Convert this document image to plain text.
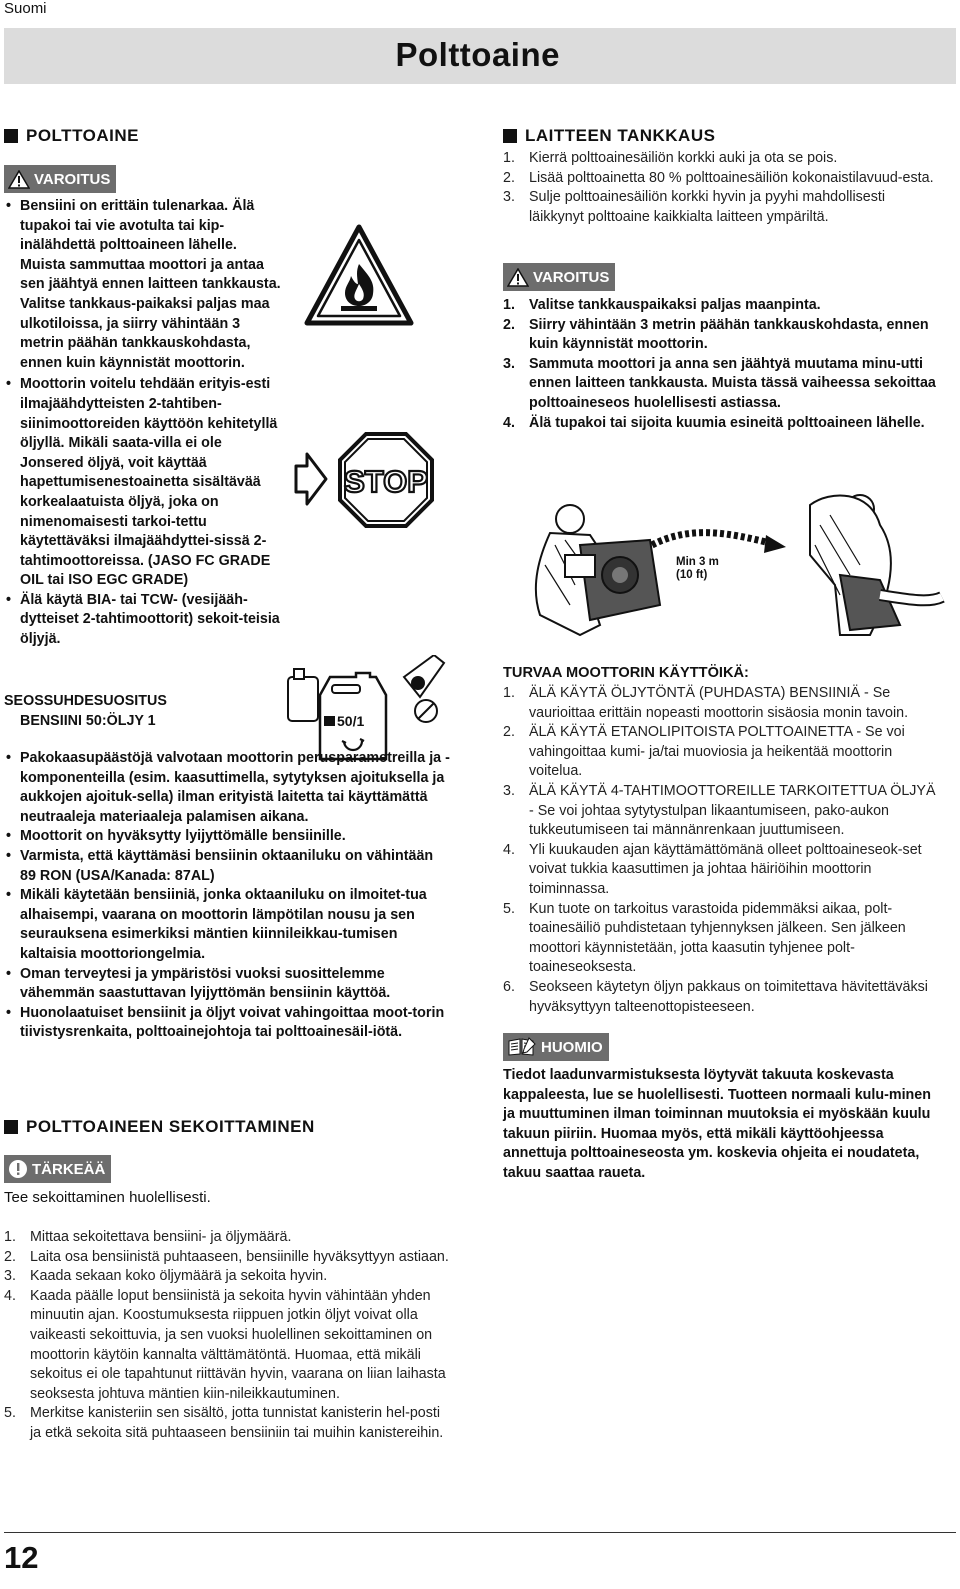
Suomi
Polttoaine
POLTTOAINE
VAROITUS
• Bensiini on erittäin tulenarkaa. Älä tupakoi tai vie avotulta tai kip-inälähdettä polttoaineen lähelle. Muista sammuttaa moottori ja antaa sen jäähtyä ennen laitteen tankkausta. Valitse tankkaus-paikaksi paljas maa ulkotiloissa, ja siirry vähintään 3 metrin päähän tankkauskohdasta, ennen kuin käynnistät moottorin.
• Moottorin voitelu tehdään erityis-esti ilmajäähdytteisten 2-tahtiben-siinimoottoreiden käyttöön kehitetyllä öljyllä. Mikäli saata-villa ei ole Jonsered öljyä, voit käyttää hapettumisenestoainetta sisältävää korkealaatuista öljyä, joka on nimenomaisesti tarkoi-tettu käytettäväksi ilmajäähdyttei-sissä 2-tahtimoottoreissa. (JASO FC GRADE OIL tai ISO EGC GRADE)
• Älä käytä BIA- tai TCW- (vesijääh-dytteiset 2-tahtimoottorit) sekoit-teisia öljyjä.
STOP
SEOSSUHDESUOSITUS
BENSIINI 50:ÖLJY 1	50/1
• Pakokaasupäästöjä valvotaan moottorin perusparametreilla ja -komponenteilla (esim. kaasuttimella, sytytyksen ajoituksella ja aukkojen ajoituk-sella) ilman erityistä laitetta tai käyttämättä neutraaleja materiaaleja palamisen aikana.
• Moottorit on hyväksytty lyijyttömälle bensiinille.
• Varmista, että käyttämäsi bensiinin oktaaniluku on vähintään 89 RON (USA/Kanada: 87AL)
• Mikäli käytetään bensiiniä, jonka oktaaniluku on ilmoitet-tua alhaisempi, vaarana on moottorin lämpötilan nousu ja sen seurauksena esimerkiksi mäntien kiinnileikkau-tumisen kaltaisia moottoriongelmia.
• Oman terveytesi ja ympäristösi vuoksi suosittelemme vähemmän saastuttavan lyijyttömän bensiinin käyttöä.
• Huonolaatuiset bensiinit ja öljyt voivat vahingoittaa moot-torin tiivistysrenkaita, polttoainejohtoja tai polttoainesäil-iötä.
POLTTOAINEEN SEKOITTAMINEN
TÄRKEÄÄ
Tee sekoittaminen huolellisesti.
1. Mittaa sekoitettava bensiini- ja öljymäärä.
2. Laita osa bensiinistä puhtaaseen, bensiinille hyväksyttyyn astiaan.
3. Kaada sekaan koko öljymäärä ja sekoita hyvin.
4. Kaada päälle loput bensiinistä ja sekoita hyvin vähintään yhden minuutin ajan. Koostumuksesta riippuen jotkin öljyt voivat olla vaikeasti sekoittuvia, ja sen vuoksi huolellinen sekoittaminen on moottorin käytöin kannalta välttämätöntä. Huomaa, että mikäli sekoitus ei ole tapahtunut riittävän hyvin, vaarana on liian laihasta seoksesta johtuva mäntien kiin-nileikkautuminen.
5. Merkitse kanisteriin sen sisältö, jotta tunnistat kanisterin hel-posti ja etkä sekoita sitä puhtaaseen bensiiniin tai muihin kanistereihin.
LAITTEEN TANKKAUS
1. Kierrä polttoainesäiliön korkki auki ja ota se pois.
2. Lisää polttoainetta 80 % polttoainesäiliön kokonaistilavuud-esta.
3. Sulje polttoainesäiliön korkki hyvin ja pyyhi mahdollisesti läikkynyt polttoaine kaikkialta laitteen ympäriltä.
VAROITUS
1. Valitse tankkauspaikaksi paljas maanpinta.
2. Siirry vähintään 3 metrin päähän tankkauskohdasta, ennen kuin käynnistät moottorin.
3. Sammuta moottori ja anna sen jäähtyä muutama minu-utti ennen laitteen tankkausta. Muista tässä vaiheessa sekoittaa polttoaineseos huolellisesti astiassa.
4. Älä tupakoi tai sijoita kuumia esineitä polttoaineen lähelle.
Min 3 m
(10 ft)
TURVAA MOOTTORIN KÄYTTÖIKÄ:
1. ÄLÄ KÄYTÄ ÖLJYTÖNTÄ (PUHDASTA) BENSIINIÄ - Se vaurioittaa erittäin nopeasti moottorin sisäosia monin tavoin.
2. ÄLÄ KÄYTÄ ETANOLIPITOISTA POLTTOAINETTA - Se voi vahingoittaa kumi- ja/tai muoviosia ja heikentää moottorin voitelua.
3. ÄLÄ KÄYTÄ 4-TAHTIMOOTTOREILLE TARKOITETTUA ÖLJYÄ - Se voi johtaa sytytystulpan likaantumiseen, pako-aukon tukkeutumiseen tai männänrenkaan juuttumiseen.
4. Yli kuukauden ajan käyttämättömänä olleet polttoaineseok-set voivat tukkia kaasuttimen ja johtaa häiriöihin moottorin toiminnassa.
5. Kun tuote on tarkoitus varastoida pidemmäksi aikaa, polt-toainesäiliö puhdistetaan tyhjennyksen jälkeen. Sen jälkeen moottori käynnistetään, jotta kaasutin tyhjenee polt-toaineseoksesta.
6. Seokseen käytetyn öljyn pakkaus on toimitettava hävitettäväksi hyväksyttyyn talteenottopisteeseen.
HUOMIO
Tiedot laadunvarmistuksesta löytyvät takuuta koskevasta kappaleesta, lue se huolellisesti. Tuotteen normaali kulu-minen ja muuttuminen ilman toiminnan muutoksia ei myöskään kuulu takuun piiriin. Huomaa myös, että mikäli käyttöohjeessa annettuja polttoaineseosta ym. koskevia ohjeita ei noudateta, takuu saattaa raueta.
12
